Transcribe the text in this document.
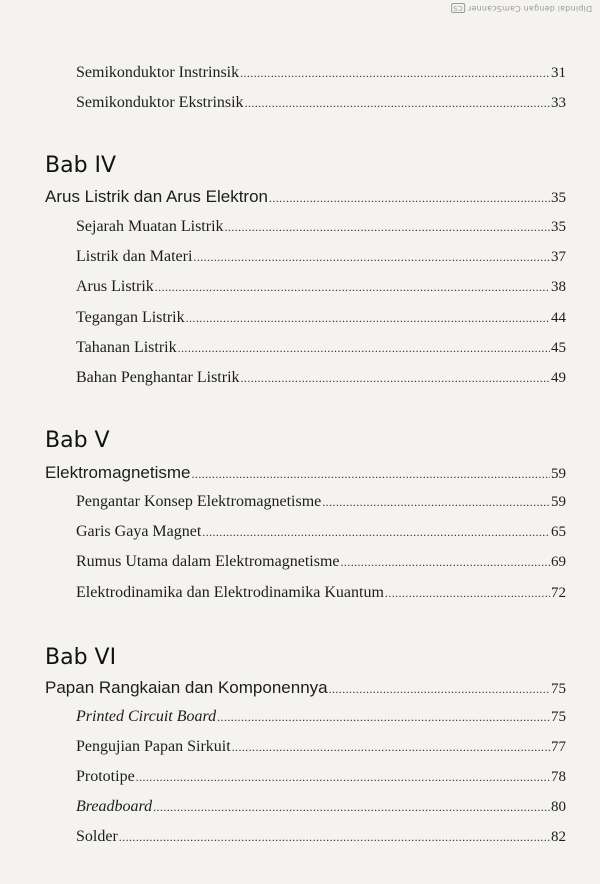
Dipindai dengan CamScannerCS
Semikonduktor Instrinsik .....	31
Semikonduktor Ekstrinsik .....	33
Bab IV
Arus Listrik dan Arus Elektron .....	35
Sejarah Muatan Listrik .....	35
Listrik dan Materi .....	37
Arus Listrik .....	38
Tegangan Listrik .....	44
Tahanan Listrik .....	45
Bahan Penghantar Listrik .....	49
Bab V
Elektromagnetisme .....	59
Pengantar Konsep Elektromagnetisme .....	59
Garis Gaya Magnet .....	65
Rumus Utama dalam Elektromagnetisme .....	69
Elektrodinamika dan Elektrodinamika Kuantum .....	72
Bab VI
Papan Rangkaian dan Komponennya .....	75
Printed Circuit Board .....	75
Pengujian Papan Sirkuit .....	77
Prototipe .....	78
Breadboard .....	80
Solder .....	82
